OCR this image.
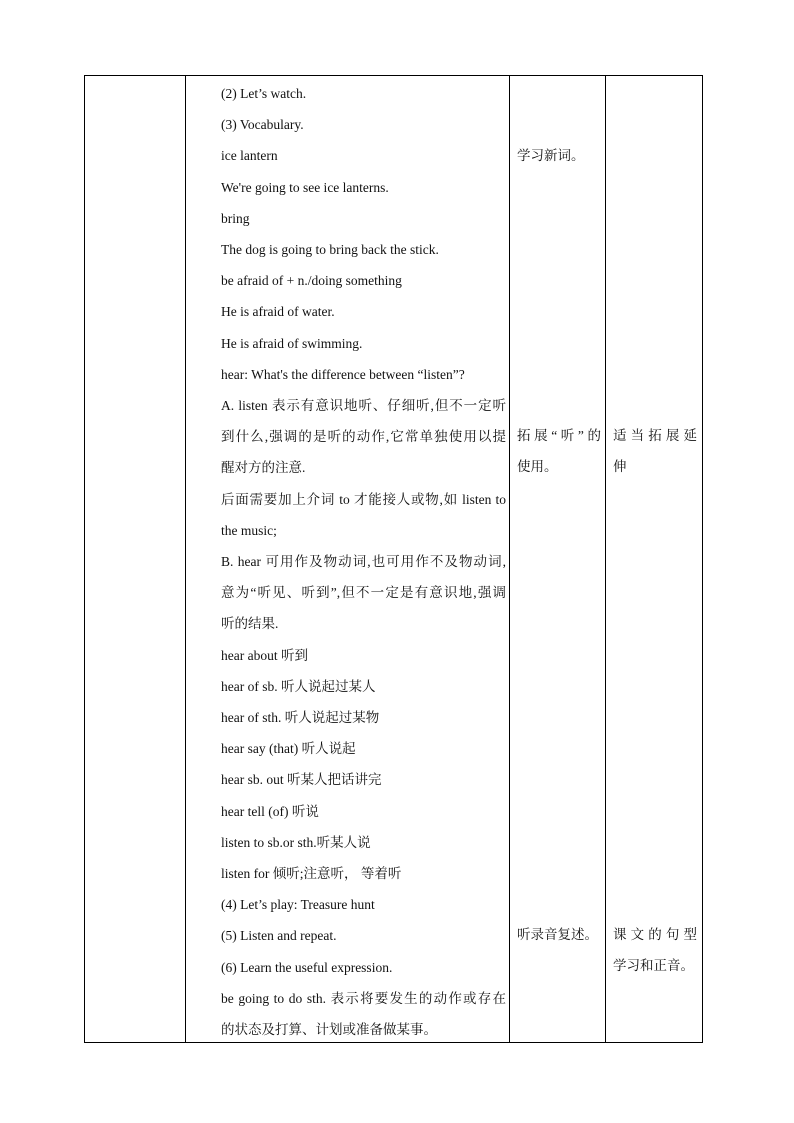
(2) Let’s watch.
(3) Vocabulary.
ice lantern
We're going to see ice lanterns.
bring
The dog is going to bring back the stick.
be afraid of + n./doing something
He is afraid of water.
He is afraid of swimming.
hear: What's the difference between “listen”?
A. listen 表示有意识地听、仔细听,但不一定听
到什么,强调的是听的动作,它常单独使用以提
醒对方的注意.
后面需要加上介词 to 才能接人或物,如 listen to
the music;
B. hear 可用作及物动词,也可用作不及物动词,
意为“听见、听到”,但不一定是有意识地,强调
听的结果.
hear about 听到
hear of sb. 听人说起过某人
hear of sth. 听人说起过某物
hear say (that) 听人说起
hear sb. out 听某人把话讲完
hear tell (of) 听说
listen to sb.or sth.听某人说
listen for 倾听;注意听， 等着听
(4) Let’s play: Treasure hunt
(5) Listen and repeat.
(6) Learn the useful expression.
be going to do sth. 表示将要发生的动作或存在
的状态及打算、计划或准备做某事。
学习新词。
拓展“听”的
使用。
听录音复述。
适当拓展延
伸
课文的句型
学习和正音。
